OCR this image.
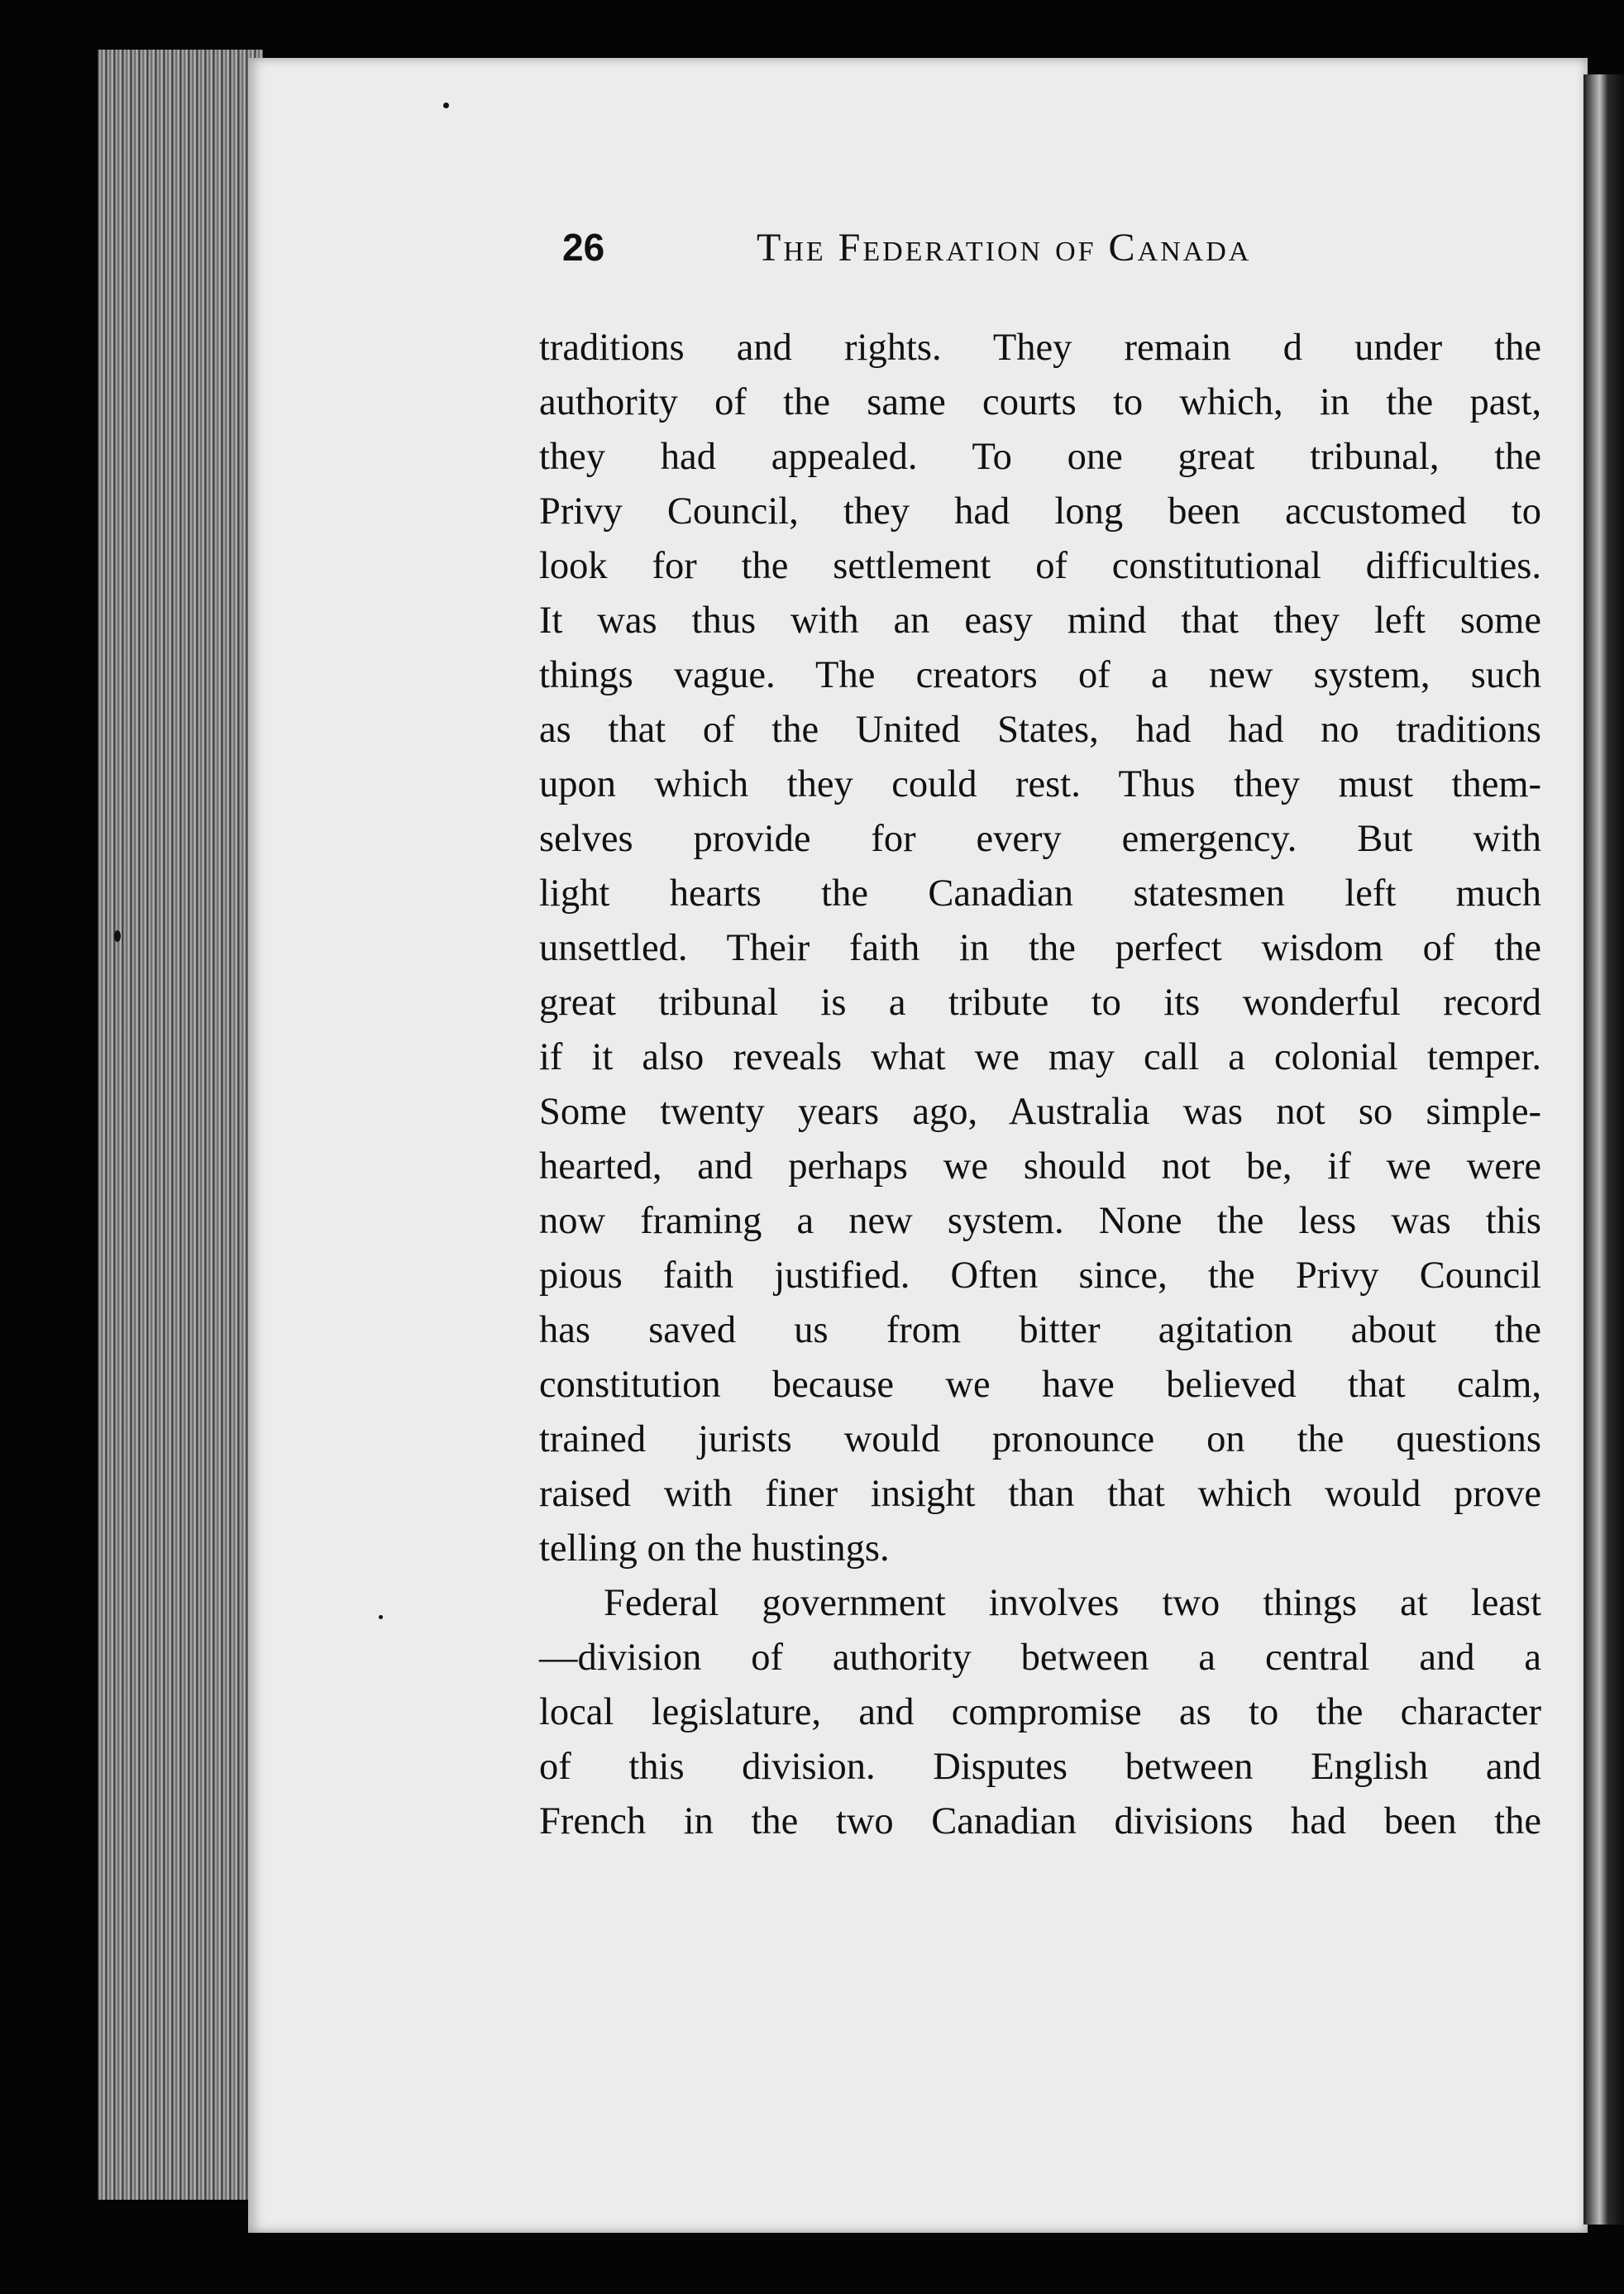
26	The Federation of Canada
traditions and rights. They remain d under the
authority of the same courts to which, in the past,
they had appealed. To one great tribunal, the
Privy Council, they had long been accustomed to
look for the settlement of constitutional difficulties.
It was thus with an easy mind that they left some
things vague. The creators of a new system, such
as that of the United States, had had no traditions
upon which they could rest. Thus they must them-
selves provide for every emergency. But with
light hearts the Canadian statesmen left much
unsettled. Their faith in the perfect wisdom of the
great tribunal is a tribute to its wonderful record
if it also reveals what we may call a colonial temper.
Some twenty years ago, Australia was not so simple-
hearted, and perhaps we should not be, if we were
now framing a new system. None the less was this
pious faith justified. Often since, the Privy Council
has saved us from bitter agitation about the
constitution because we have believed that calm,
trained jurists would pronounce on the questions
raised with finer insight than that which would prove
telling on the hustings.
Federal government involves two things at least
—division of authority between a central and a
local legislature, and compromise as to the character
of this division. Disputes between English and
French in the two Canadian divisions had been the
